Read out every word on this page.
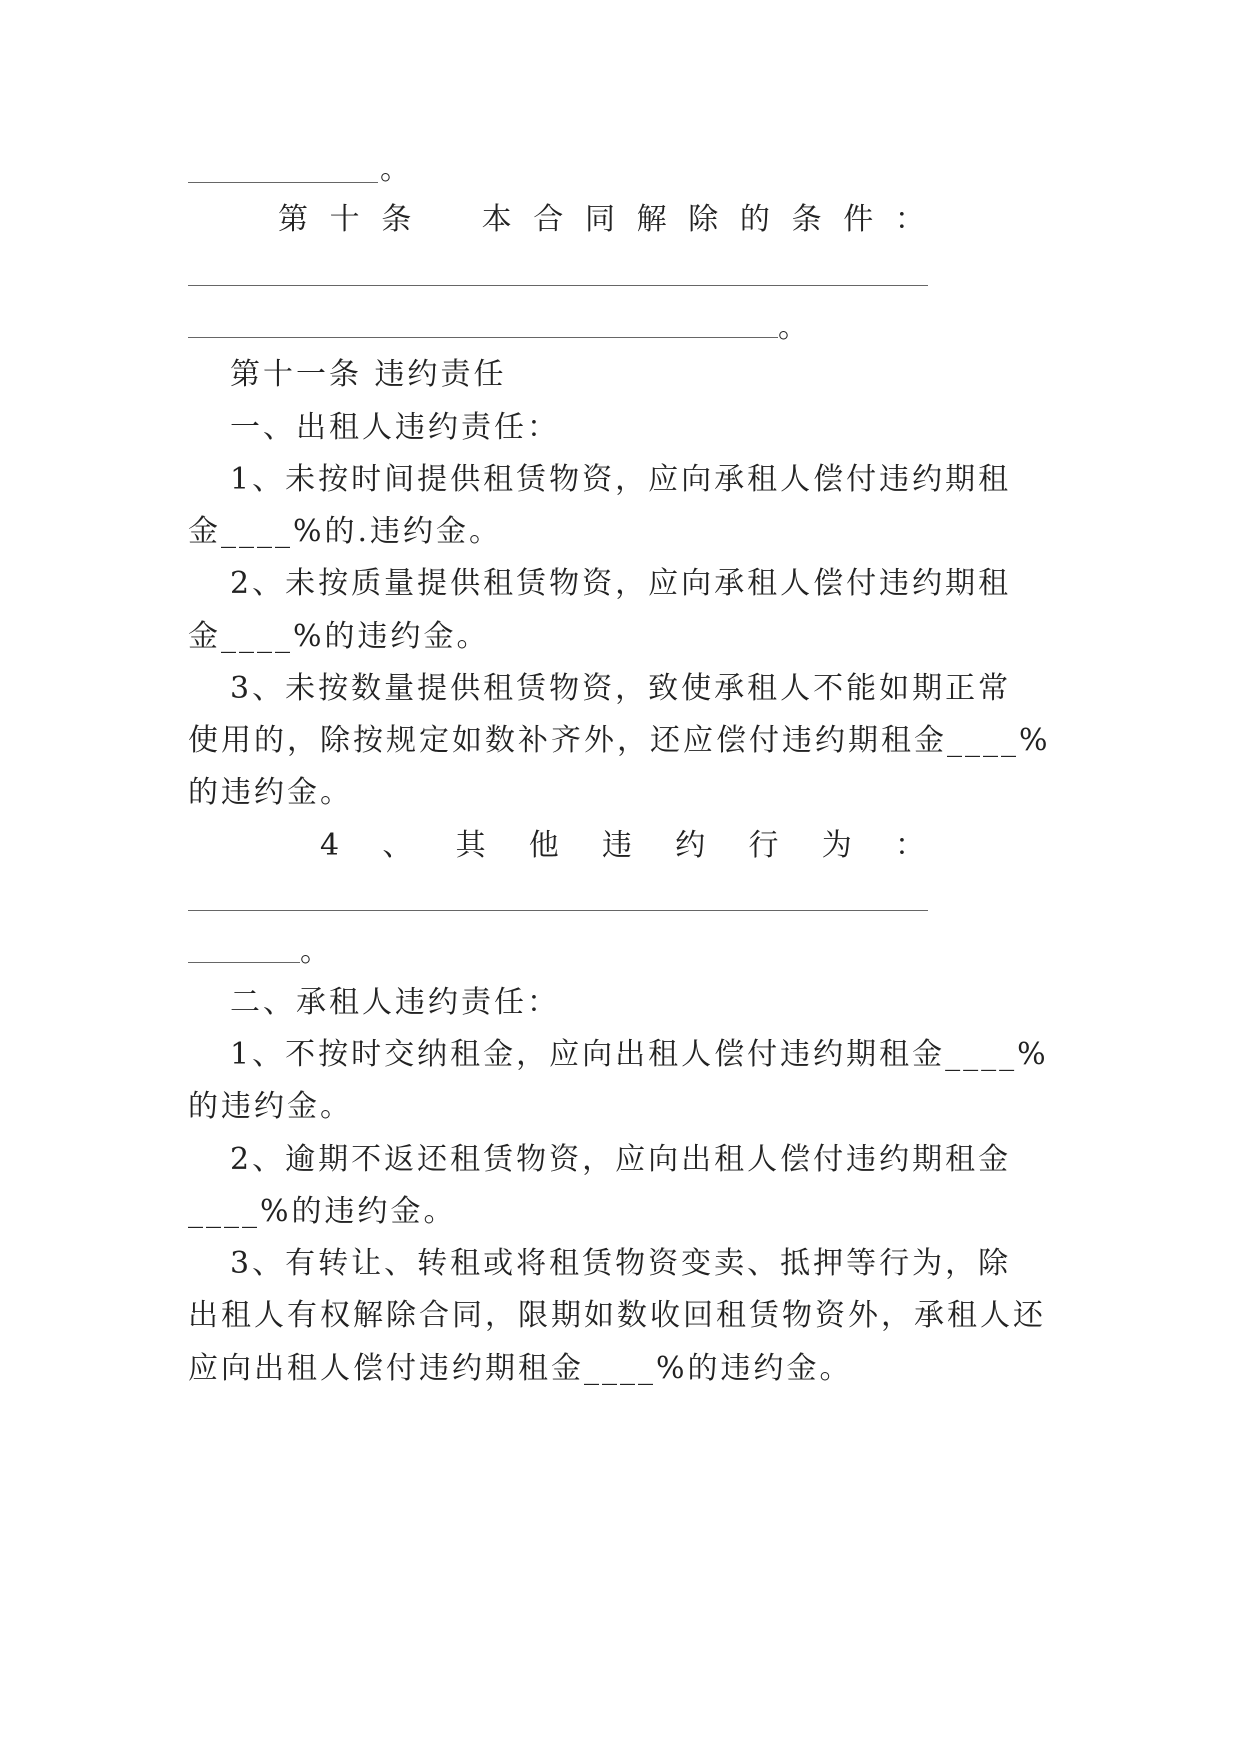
。
第 十 条 本 合 同 解 除 的 条 件 ：
。
第十一条 违约责任
一、出租人违约责任：
1、未按时间提供租赁物资，应向承租人偿付违约期租
金____%的.违约金。
2、未按质量提供租赁物资，应向承租人偿付违约期租
金____%的违约金。
3、未按数量提供租赁物资，致使承租人不能如期正常
使用的，除按规定如数补齐外，还应偿付违约期租金____%
的违约金。
4 、 其 他 违 约 行 为 ：
。
二、承租人违约责任：
1、不按时交纳租金，应向出租人偿付违约期租金____%
的违约金。
2、逾期不返还租赁物资，应向出租人偿付违约期租金
____%的违约金。
3、有转让、转租或将租赁物资变卖、抵押等行为，除
出租人有权解除合同，限期如数收回租赁物资外，承租人还
应向出租人偿付违约期租金____%的违约金。
